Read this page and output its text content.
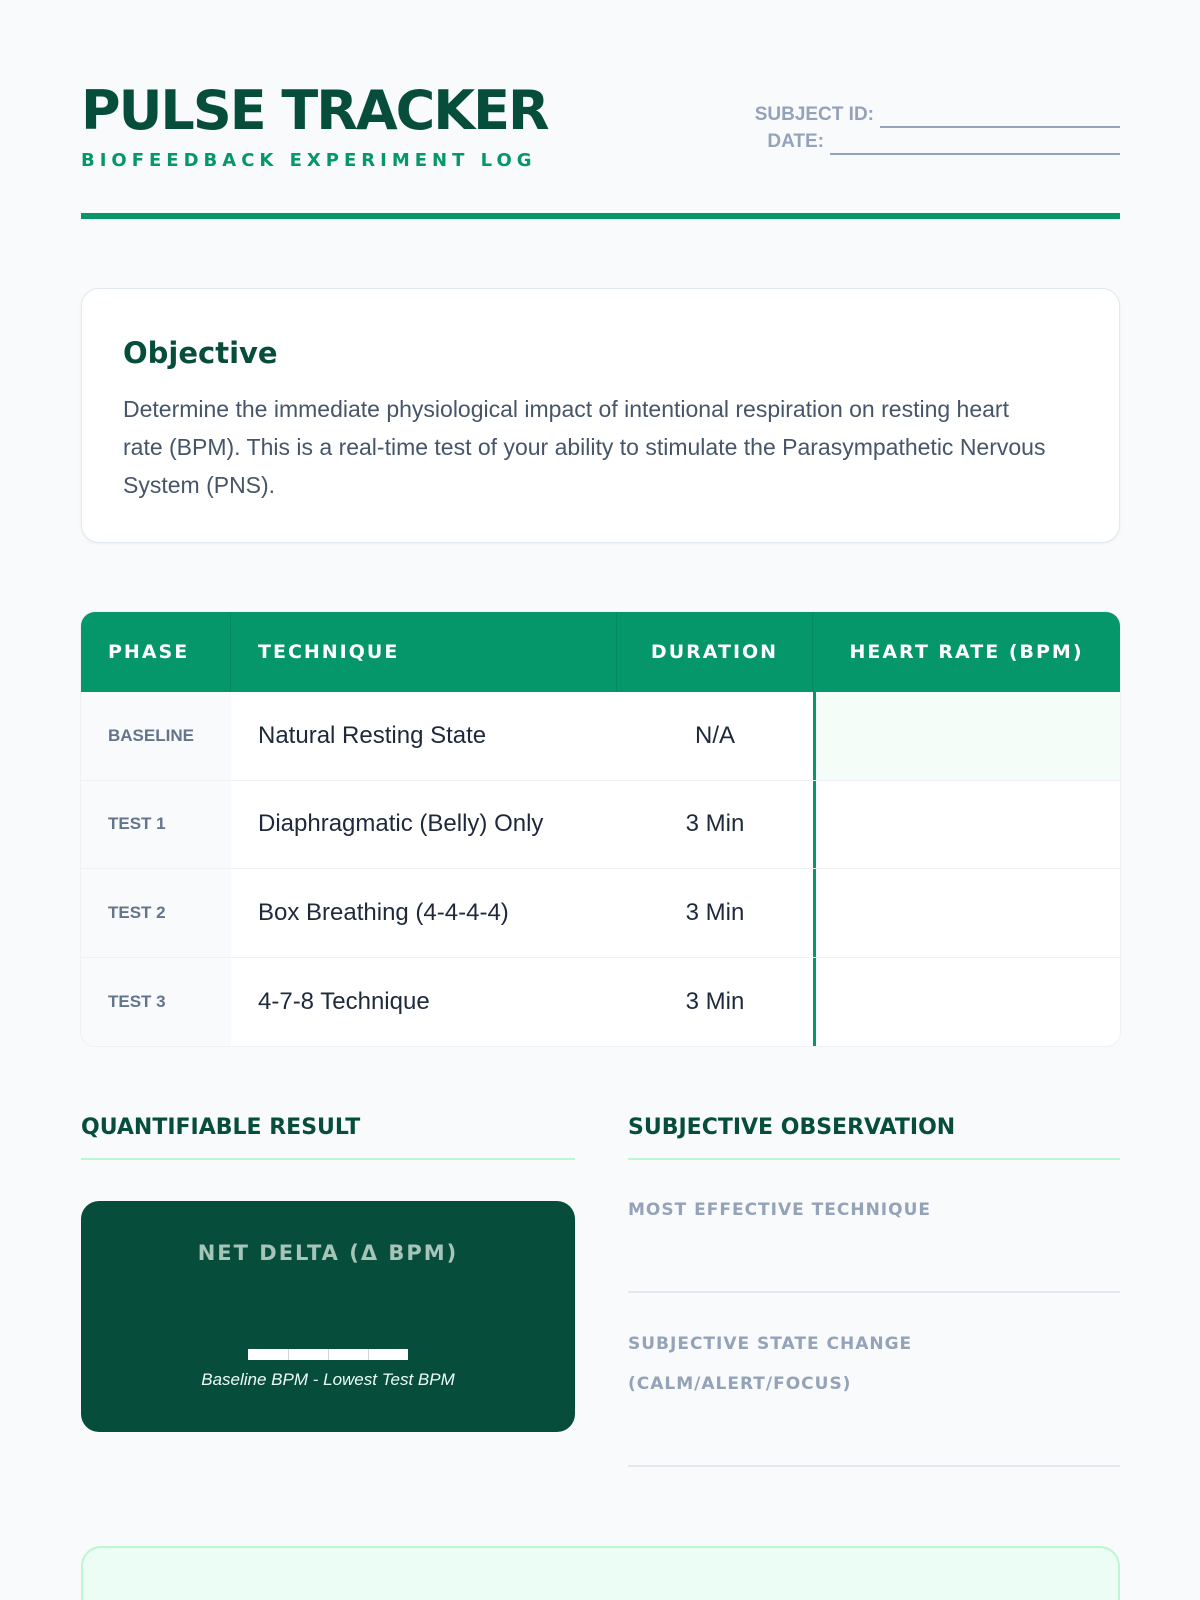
PULSE TRACKER
BIOFEEDBACK EXPERIMENT LOG
SUBJECT ID:
DATE:
Objective

Determine the immediate physiological impact of intentional respiration on resting heart rate (BPM). This is a real-time test of your ability to stimulate the Parasympathetic Nervous System (PNS).

PHASE	TECHNIQUE	DURATION	HEART RATE (BPM)
BASELINE	Natural Resting State	N/A
TEST 1	Diaphragmatic (Belly) Only	3 Min
TEST 2	Box Breathing (4-4-4-4)	3 Min
TEST 3	4-7-8 Technique	3 Min
QUANTIFIABLE RESULT
NET DELTA (Δ BPM)
Baseline BPM - Lowest Test BPM
SUBJECTIVE OBSERVATION
MOST EFFECTIVE TECHNIQUE
SUBJECTIVE STATE CHANGE
(CALM/ALERT/FOCUS)
